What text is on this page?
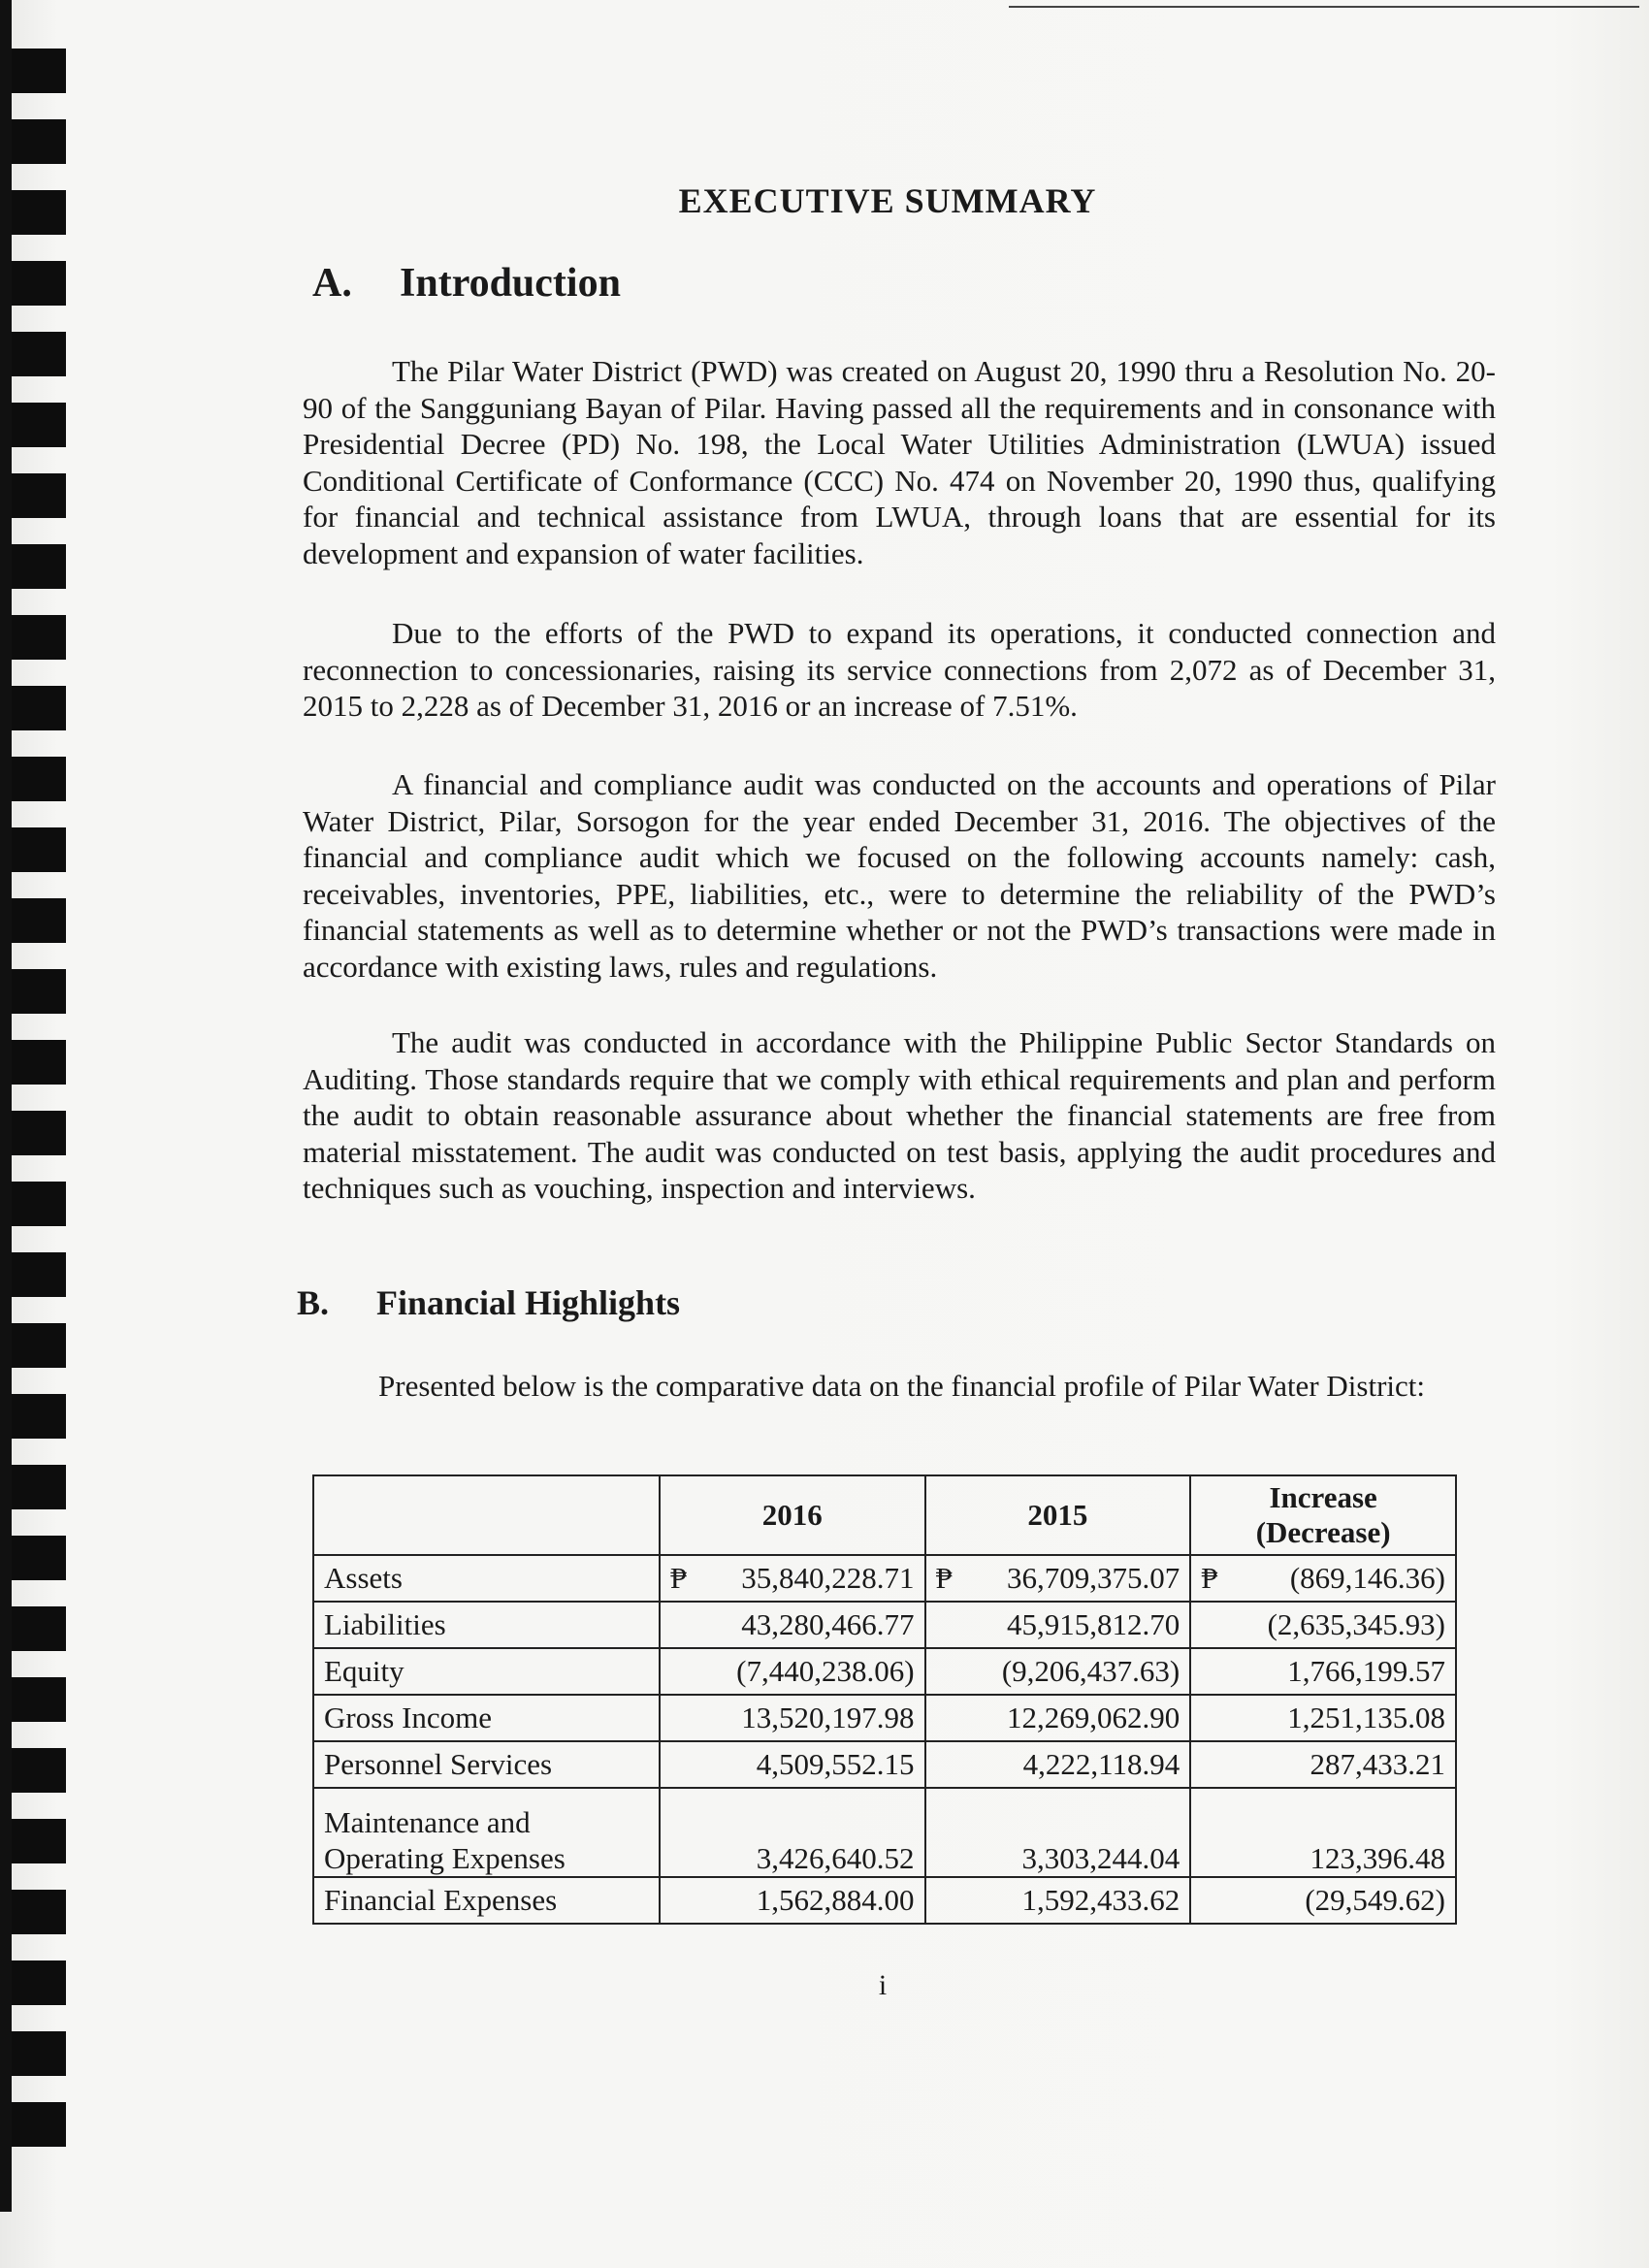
EXECUTIVE SUMMARY
A. Introduction

The Pilar Water District (PWD) was created on August 20, 1990 thru a Resolution No. 20-90 of the Sangguniang Bayan of Pilar. Having passed all the requirements and in consonance with Presidential Decree (PD) No. 198, the Local Water Utilities Administration (LWUA) issued Conditional Certificate of Conformance (CCC) No. 474 on November 20, 1990 thus, qualifying for financial and technical assistance from LWUA, through loans that are essential for its development and expansion of water facilities.

Due to the efforts of the PWD to expand its operations, it conducted connection and reconnection to concessionaries, raising its service connections from 2,072 as of December 31, 2015 to 2,228 as of December 31, 2016 or an increase of 7.51%.

A financial and compliance audit was conducted on the accounts and operations of Pilar Water District, Pilar, Sorsogon for the year ended December 31, 2016. The objectives of the financial and compliance audit which we focused on the following accounts namely: cash, receivables, inventories, PPE, liabilities, etc., were to determine the reliability of the PWD’s financial statements as well as to determine whether or not the PWD’s transactions were made in accordance with existing laws, rules and regulations.

The audit was conducted in accordance with the Philippine Public Sector Standards on Auditing. Those standards require that we comply with ethical requirements and plan and perform the audit to obtain reasonable assurance about whether the financial statements are free from material misstatement. The audit was conducted on test basis, applying the audit procedures and techniques such as vouching, inspection and interviews.

B. Financial Highlights

Presented below is the comparative data on the financial profile of Pilar Water District:

	2016	2015	Increase (Decrease)
Assets	₱ 35,840,228.71	₱ 36,709,375.07	₱ (869,146.36)
Liabilities	43,280,466.77	45,915,812.70	(2,635,345.93)
Equity	(7,440,238.06)	(9,206,437.63)	1,766,199.57
Gross Income	13,520,197.98	12,269,062.90	1,251,135.08
Personnel Services	4,509,552.15	4,222,118.94	287,433.21
Maintenance and Operating Expenses	3,426,640.52	3,303,244.04	123,396.48
Financial Expenses	1,562,884.00	1,592,433.62	(29,549.62)
i
